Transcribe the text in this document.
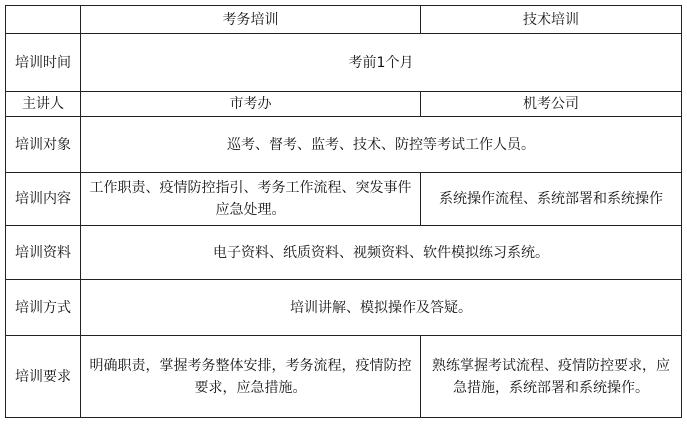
	考务培训	技术培训
培训时间	考前1个月	
主讲人	市考办	机考公司
培训对象	巡考、督考、监考、技术、防控等考试工作人员。	
培训内容	工作职责、疫情防控指引、考务工作流程、突发事件应急处理。	系统操作流程、系统部署和系统操作
培训资料	电子资料、纸质资料、视频资料、软件模拟练习系统。	
培训方式	培训讲解、模拟操作及答疑。	
培训要求	明确职责，掌握考务整体安排，考务流程，疫情防控要求，应急措施。	熟练掌握考试流程、疫情防控要求，应急措施，系统部署和系统操作。
